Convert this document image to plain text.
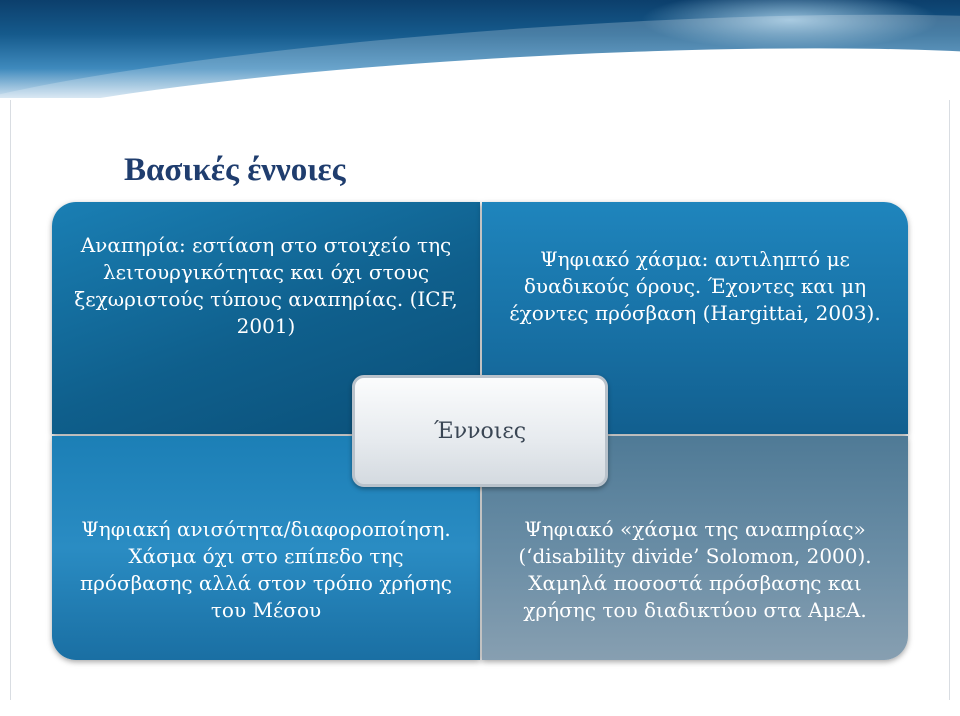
Βασικές έννοιες
Αναπηρία: εστίαση στο στοιχείο της
λειτουργικότητας και όχι στους
ξεχωριστούς τύπους αναπηρίας. (ICF,
2001)
Ψηφιακό χάσμα: αντιληπτό με
δυαδικούς όρους. Έχοντες και μη
έχοντες πρόσβαση (Hargittai, 2003).
Ψηφιακή ανισότητα/διαφοροποίηση.
Χάσμα όχι στο επίπεδο της
πρόσβασης αλλά στον τρόπο χρήσης
του Μέσου
Ψηφιακό «χάσμα της αναπηρίας»
(‘disability divide’ Solomon, 2000).
Χαμηλά ποσοστά πρόσβασης και
χρήσης του διαδικτύου στα ΑμεΑ.
Έννοιες
